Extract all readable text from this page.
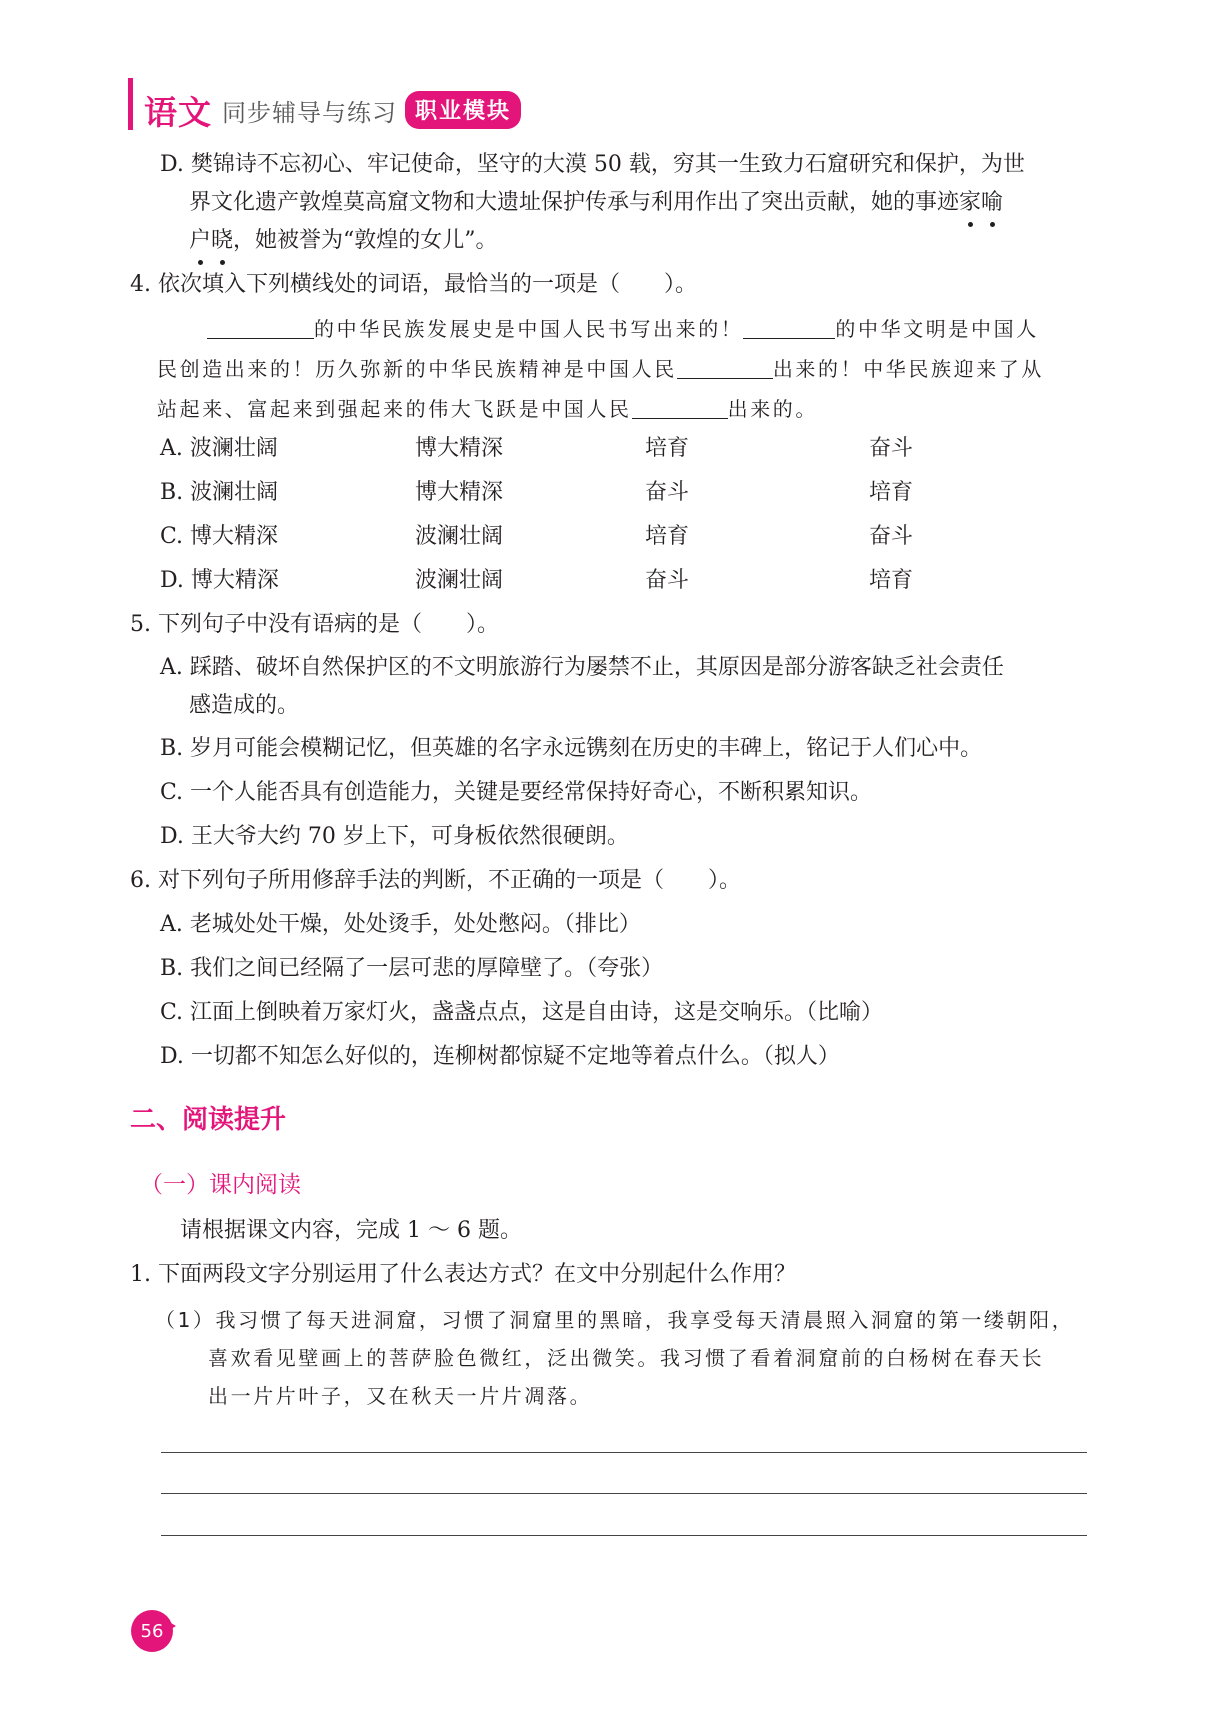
语文 同步辅导与练习 职业模块
D. 樊锦诗不忘初心、牢记使命，坚守的大漠 50 载，穷其一生致力石窟研究和保护，为世
界文化遗产敦煌莫高窟文物和大遗址保护传承与利用作出了突出贡献，她的事迹家喻
户晓，她被誉为“敦煌的女儿”。
4. 依次填入下列横线处的词语，最恰当的一项是（　　）。
的中华民族发展史是中国人民书写出来的！	的中华文明是中国人
民创造出来的！历久弥新的中华民族精神是中国人民	出来的！中华民族迎来了从
站起来、富起来到强起来的伟大飞跃是中国人民	出来的。
A. 波澜壮阔	博大精深	培育	奋斗
B. 波澜壮阔	博大精深	奋斗	培育
C. 博大精深	波澜壮阔	培育	奋斗
D. 博大精深	波澜壮阔	奋斗	培育
5. 下列句子中没有语病的是（　　）。
A. 踩踏、破坏自然保护区的不文明旅游行为屡禁不止，其原因是部分游客缺乏社会责任
感造成的。
B. 岁月可能会模糊记忆，但英雄的名字永远镌刻在历史的丰碑上，铭记于人们心中。
C. 一个人能否具有创造能力，关键是要经常保持好奇心，不断积累知识。
D. 王大爷大约 70 岁上下，可身板依然很硬朗。
6. 对下列句子所用修辞手法的判断，不正确的一项是（　　）。
A. 老城处处干燥，处处烫手，处处憋闷。（排比）
B. 我们之间已经隔了一层可悲的厚障壁了。（夸张）
C. 江面上倒映着万家灯火，盏盏点点，这是自由诗，这是交响乐。（比喻）
D. 一切都不知怎么好似的，连柳树都惊疑不定地等着点什么。（拟人）
二、阅读提升
（一）课内阅读
请根据课文内容，完成 1 ～ 6 题。
1. 下面两段文字分别运用了什么表达方式？在文中分别起什么作用？
（1）我习惯了每天进洞窟，习惯了洞窟里的黑暗，我享受每天清晨照入洞窟的第一缕朝阳，
喜欢看见壁画上的菩萨脸色微红，泛出微笑。我习惯了看着洞窟前的白杨树在春天长
出一片片叶子，又在秋天一片片凋落。
56
